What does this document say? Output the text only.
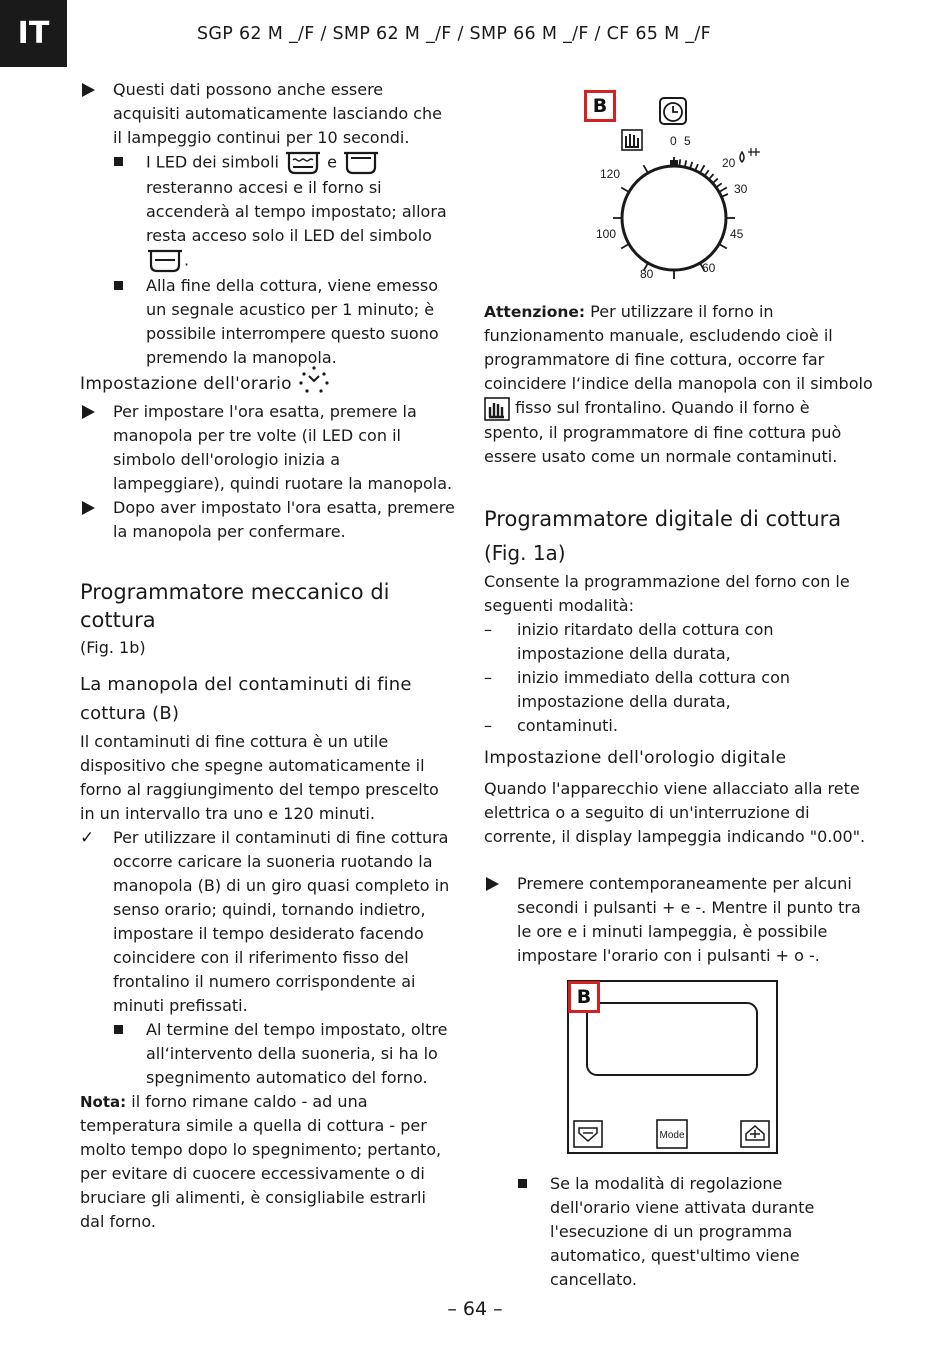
IT	SGP 62 M _/F / SMP 62 M _/F / SMP 66 M _/F / CF 65 M _/F

Questi dati possono anche essere acquisiti automaticamente lasciando che il lampeggio continui per 10 secondi.

I LED dei simboli	e  resteranno accesi e il forno si accenderà al tempo impostato; allora resta acceso solo il LED del simbolo .

Alla fine della cottura, viene emesso un segnale acustico per 1 minuto; è possibile interrompere questo suono premendo la manopola.

Impostazione dell'orario

Per impostare l'ora esatta, premere la manopola per tre volte (il LED con il simbolo dell'orologio inizia a lampeggiare), quindi ruotare la manopola.

Dopo aver impostato l'ora esatta, premere la manopola per confermare.

Programmatore meccanico di cottura
(Fig. 1b)
La manopola del contaminuti di fine cottura (B)

Il contaminuti di fine cottura è un utile dispositivo che spegne automaticamente il forno al raggiungimento del tempo prescelto in un intervallo tra uno e 120 minuti.

✓ Per utilizzare il contaminuti di fine cottura occorre caricare la suoneria ruotando la manopola (B) di un giro quasi completo in senso orario; quindi, tornando indietro, impostare il tempo desiderato facendo coincidere con il riferimento fisso del frontalino il numero corrispondente ai minuti prefissati.

Al termine del tempo impostato, oltre all‘intervento della suoneria, si ha lo spegnimento automatico del forno.

Nota: il forno rimane caldo - ad una temperatura simile a quella di cottura - per molto tempo dopo lo spegnimento; pertanto, per evitare di cuocere eccessivamente o di bruciare gli alimenti, è consigliabile estrarli dal forno.

B
0 5
20
30
45
60
80
100
120

Attenzione: Per utilizzare il forno in funzionamento manuale, escludendo cioè il programmatore di fine cottura, occorre far coincidere l‘indice della manopola con il simbolo  fisso sul frontalino. Quando il forno è spento, il programmatore di fine cottura può essere usato come un normale contaminuti.

Programmatore digitale di cottura
(Fig. 1a)

Consente la programmazione del forno con le seguenti modalità:

– inizio ritardato della cottura con impostazione della durata,

– inizio immediato della cottura con impostazione della durata,

– contaminuti.

Impostazione dell'orologio digitale

Quando l'apparecchio viene allacciato alla rete elettrica o a seguito di un'interruzione di corrente, il display lampeggia indicando "0.00".

Premere contemporaneamente per alcuni secondi i pulsanti + e -. Mentre il punto tra le ore e i minuti lampeggia, è possibile impostare l'orario con i pulsanti + o -.

Mode
B

Se la modalità di regolazione dell'orario viene attivata durante l'esecuzione di un programma automatico, quest'ultimo viene cancellato.

– 64 –
